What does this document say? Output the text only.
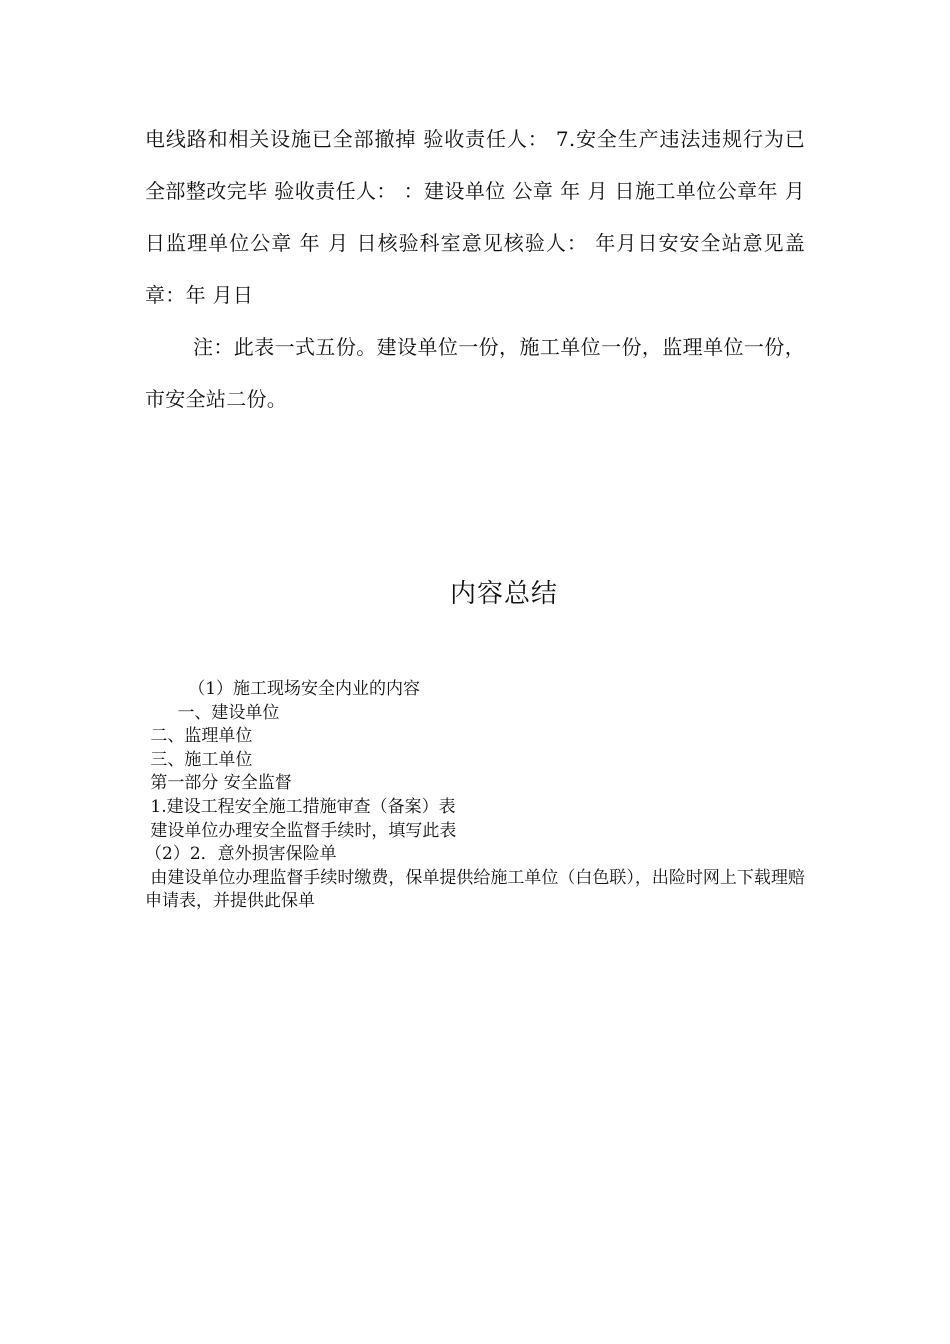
电线路和相关设施已全部撤掉 验收责任人： 7.安全生产违法违规行为已全部整改完毕 验收责任人： ：建设单位 公章 年 月 日施工单位公章年 月 日监理单位公章 年 月 日核验科室意见核验人： 年月日安安全站意见盖章：年 月日

注：此表一式五份。建设单位一份，施工单位一份，监理单位一份，市安全站二份。

内容总结
（1）施工现场安全内业的内容
一、建设单位
二、监理单位
三、施工单位
第一部分 安全监督
1.建设工程安全施工措施审查（备案）表
建设单位办理安全监督手续时，填写此表
（2）2．意外损害保险单
由建设单位办理监督手续时缴费，保单提供给施工单位（白色联），出险时网上下载理赔申请表，并提供此保单
